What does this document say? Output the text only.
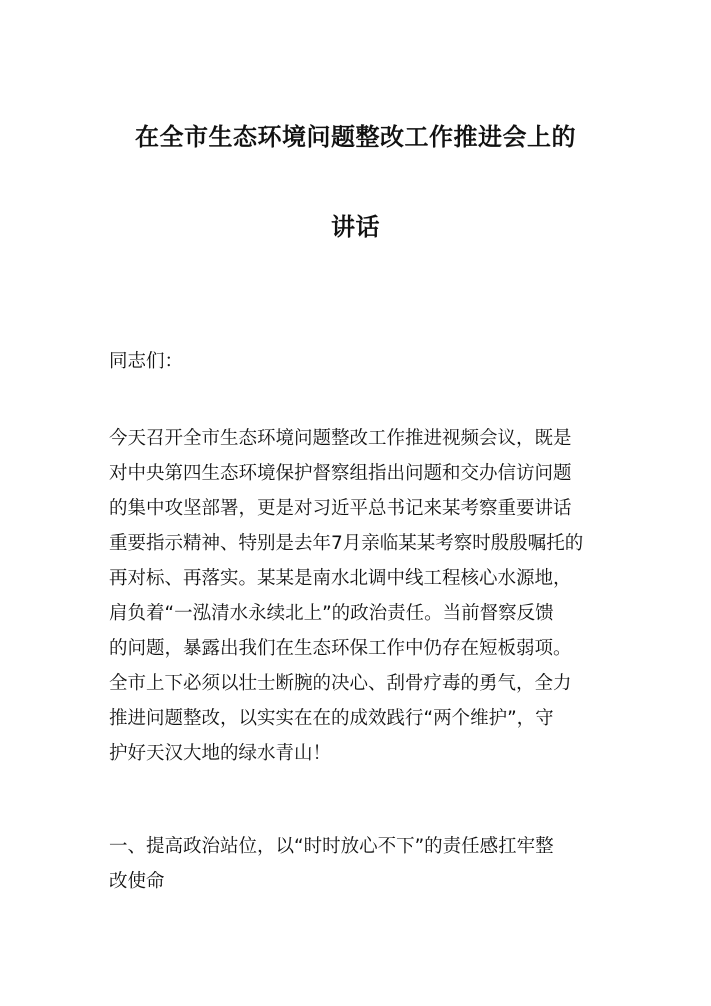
在全市生态环境问题整改工作推进会上的
讲话
同志们：
今天召开全市生态环境问题整改工作推进视频会议，既是
对中央第四生态环境保护督察组指出问题和交办信访问题
的集中攻坚部署，更是对习近平总书记来某考察重要讲话
重要指示精神、特别是去年7月亲临某某考察时殷殷嘱托的
再对标、再落实。某某是南水北调中线工程核心水源地，
肩负着“一泓清水永续北上”的政治责任。当前督察反馈
的问题，暴露出我们在生态环保工作中仍存在短板弱项。
全市上下必须以壮士断腕的决心、刮骨疗毒的勇气，全力
推进问题整改，以实实在在的成效践行“两个维护”，守
护好天汉大地的绿水青山！
一、提高政治站位，以“时时放心不下”的责任感扛牢整
改使命
